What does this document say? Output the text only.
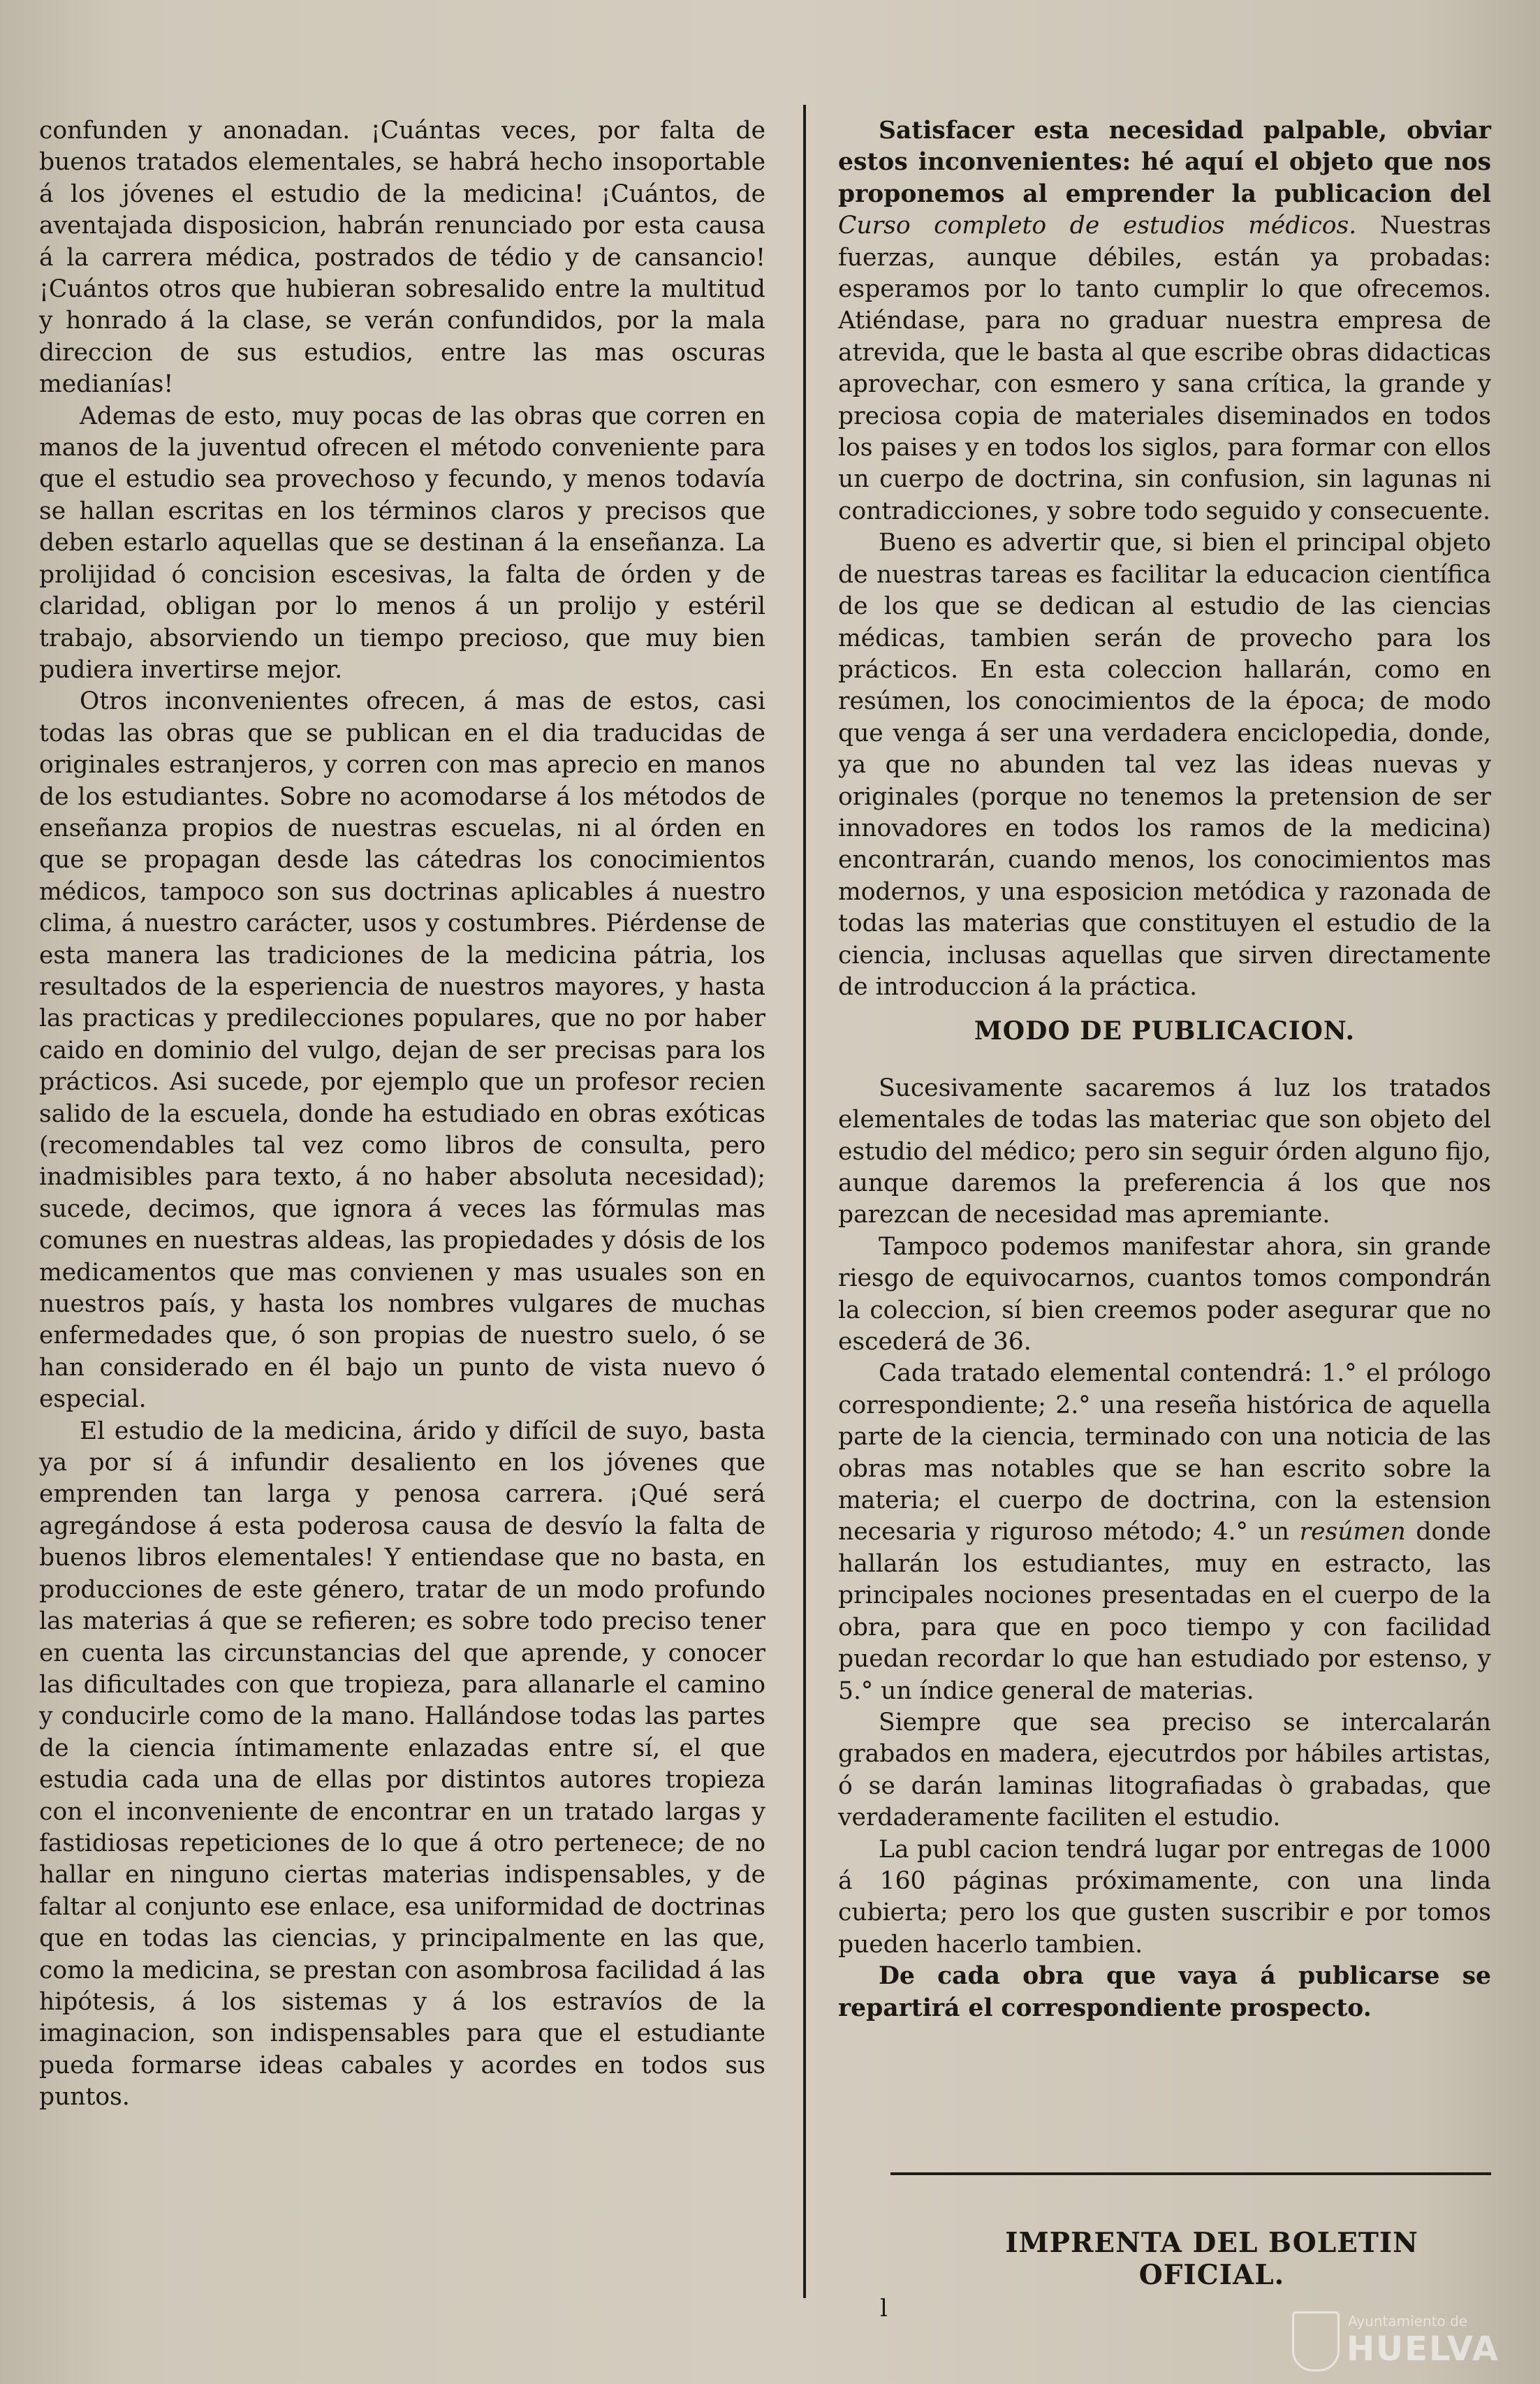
confunden y anonadan. ¡Cuántas veces, por falta de buenos tratados elementales, se habrá hecho insoportable á los jóvenes el estudio de la medicina! ¡Cuántos, de aventajada disposicion, habrán renunciado por esta causa á la carrera médica, postrados de tédio y de cansancio! ¡Cuántos otros que hubieran sobresalido entre la multitud y honrado á la clase, se verán confundidos, por la mala direccion de sus estudios, entre las mas oscuras medianías!

Ademas de esto, muy pocas de las obras que corren en manos de la juventud ofrecen el método conveniente para que el estudio sea provechoso y fecundo, y menos todavía se hallan escritas en los términos claros y precisos que deben estarlo aquellas que se destinan á la enseñanza. La prolijidad ó concision escesivas, la falta de órden y de claridad, obligan por lo menos á un prolijo y estéril trabajo, absorviendo un tiempo precioso, que muy bien pudiera invertirse mejor.

Otros inconvenientes ofrecen, á mas de estos, casi todas las obras que se publican en el dia traducidas de originales estranjeros, y corren con mas aprecio en manos de los estudiantes. Sobre no acomodarse á los métodos de enseñanza propios de nuestras escuelas, ni al órden en que se propagan desde las cátedras los conocimientos médicos, tampoco son sus doctrinas aplicables á nuestro clima, á nuestro carácter, usos y costumbres. Piérdense de esta manera las tradiciones de la medicina pátria, los resultados de la esperiencia de nuestros mayores, y hasta las practicas y predilecciones populares, que no por haber caido en dominio del vulgo, dejan de ser precisas para los prácticos. Asi sucede, por ejemplo que un profesor recien salido de la escuela, donde ha estudiado en obras exóticas (recomendables tal vez como libros de consulta, pero inadmisibles para texto, á no haber absoluta necesidad); sucede, decimos, que ignora á veces las fórmulas mas comunes en nuestras aldeas, las propiedades y dósis de los medicamentos que mas convienen y mas usuales son en nuestros país, y hasta los nombres vulgares de muchas enfermedades que, ó son propias de nuestro suelo, ó se han considerado en él bajo un punto de vista nuevo ó especial.

El estudio de la medicina, árido y difícil de suyo, basta ya por sí á infundir desaliento en los jóvenes que emprenden tan larga y penosa carrera. ¡Qué será agregándose á esta poderosa causa de desvío la falta de buenos libros elementales! Y entiendase que no basta, en producciones de este género, tratar de un modo profundo las materias á que se refieren; es sobre todo preciso tener en cuenta las circunstancias del que aprende, y conocer las dificultades con que tropieza, para allanarle el camino y conducirle como de la mano. Hallándose todas las partes de la ciencia íntimamente enlazadas entre sí, el que estudia cada una de ellas por distintos autores tropieza con el inconveniente de encontrar en un tratado largas y fastidiosas repeticiones de lo que á otro pertenece; de no hallar en ninguno ciertas materias indispensables, y de faltar al conjunto ese enlace, esa uniformidad de doctrinas que en todas las ciencias, y principalmente en las que, como la medicina, se prestan con asombrosa facilidad á las hipótesis, á los sistemas y á los estravíos de la imaginacion, son indispensables para que el estudiante pueda formarse ideas cabales y acordes en todos sus puntos.

Satisfacer esta necesidad palpable, obviar estos inconvenientes: hé aquí el objeto que nos proponemos al emprender la publicacion del Curso completo de estudios médicos. Nuestras fuerzas, aunque débiles, están ya probadas: esperamos por lo tanto cumplir lo que ofrecemos. Atiéndase, para no graduar nuestra empresa de atrevida, que le basta al que escribe obras didacticas aprovechar, con esmero y sana crítica, la grande y preciosa copia de materiales diseminados en todos los paises y en todos los siglos, para formar con ellos un cuerpo de doctrina, sin confusion, sin lagunas ni contradicciones, y sobre todo seguido y consecuente.

Bueno es advertir que, si bien el principal objeto de nuestras tareas es facilitar la educacion científica de los que se dedican al estudio de las ciencias médicas, tambien serán de provecho para los prácticos. En esta coleccion hallarán, como en resúmen, los conocimientos de la época; de modo que venga á ser una verdadera enciclopedia, donde, ya que no abunden tal vez las ideas nuevas y originales (porque no tenemos la pretension de ser innovadores en todos los ramos de la medicina) encontrarán, cuando menos, los conocimientos mas modernos, y una esposicion metódica y razonada de todas las materias que constituyen el estudio de la ciencia, inclusas aquellas que sirven directamente de introduccion á la práctica.

MODO DE PUBLICACION.

Sucesivamente sacaremos á luz los tratados elementales de todas las materiac que son objeto del estudio del médico; pero sin seguir órden alguno fijo, aunque daremos la preferencia á los que nos parezcan de necesidad mas apremiante.

Tampoco podemos manifestar ahora, sin grande riesgo de equivocarnos, cuantos tomos compondrán la coleccion, sí bien creemos poder asegurar que no escederá de 36.

Cada tratado elemental contendrá: 1.° el prólogo correspondiente; 2.° una reseña histórica de aquella parte de la ciencia, terminado con una noticia de las obras mas notables que se han escrito sobre la materia; el cuerpo de doctrina, con la estension necesaria y riguroso método; 4.° un resúmen donde hallarán los estudiantes, muy en estracto, las principales nociones presentadas en el cuerpo de la obra, para que en poco tiempo y con facilidad puedan recordar lo que han estudiado por estenso, y 5.° un índice general de materias.

Siempre que sea preciso se intercalarán grabados en madera, ejecutrdos por hábiles artistas, ó se darán laminas litografiadas ò grabadas, que verdaderamente faciliten el estudio.

La publ cacion tendrá lugar por entregas de 1000 á 160 páginas próximamente, con una linda cubierta; pero los que gusten suscribir e por tomos pueden hacerlo tambien.

De cada obra que vaya á publicarse se repartirá el correspondiente prospecto.

IMPRENTA DEL BOLETIN OFICIAL.
l	Ayuntamiento de
HUELVA
